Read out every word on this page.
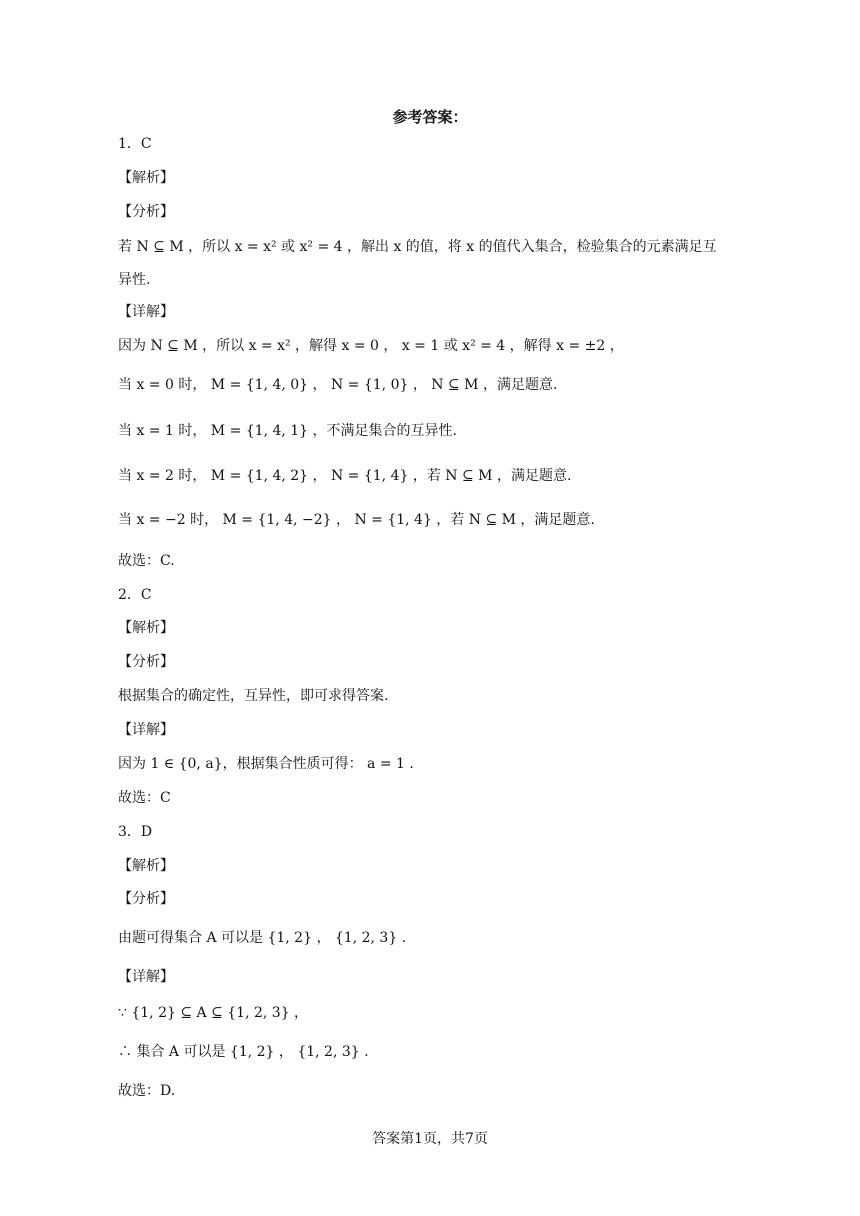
参考答案：
1．C
【解析】
【分析】
若 N ⊆ M ，所以 x = x² 或 x² = 4 ，解出 x 的值，将 x 的值代入集合，检验集合的元素满足互
异性.
【详解】
因为 N ⊆ M ，所以 x = x² ，解得 x = 0 ， x = 1 或 x² = 4 ，解得 x = ±2 ，
当 x = 0 时， M = {1, 4, 0} ， N = {1, 0} ， N ⊆ M ，满足题意.
当 x = 1 时， M = {1, 4, 1} ，不满足集合的互异性.
当 x = 2 时， M = {1, 4, 2} ， N = {1, 4} ，若 N ⊆ M ，满足题意.
当 x = −2 时， M = {1, 4, −2} ， N = {1, 4} ，若 N ⊆ M ，满足题意.
故选：C.
2．C
【解析】
【分析】
根据集合的确定性，互异性，即可求得答案.
【详解】
因为 1 ∈ {0, a}，根据集合性质可得： a = 1 .
故选：C
3．D
【解析】
【分析】
由题可得集合 A 可以是 {1, 2} ， {1, 2, 3} .
【详解】
∵ {1, 2} ⊆ A ⊆ {1, 2, 3} ，
∴ 集合 A 可以是 {1, 2} ， {1, 2, 3} .
故选：D.
答案第1页，共7页
